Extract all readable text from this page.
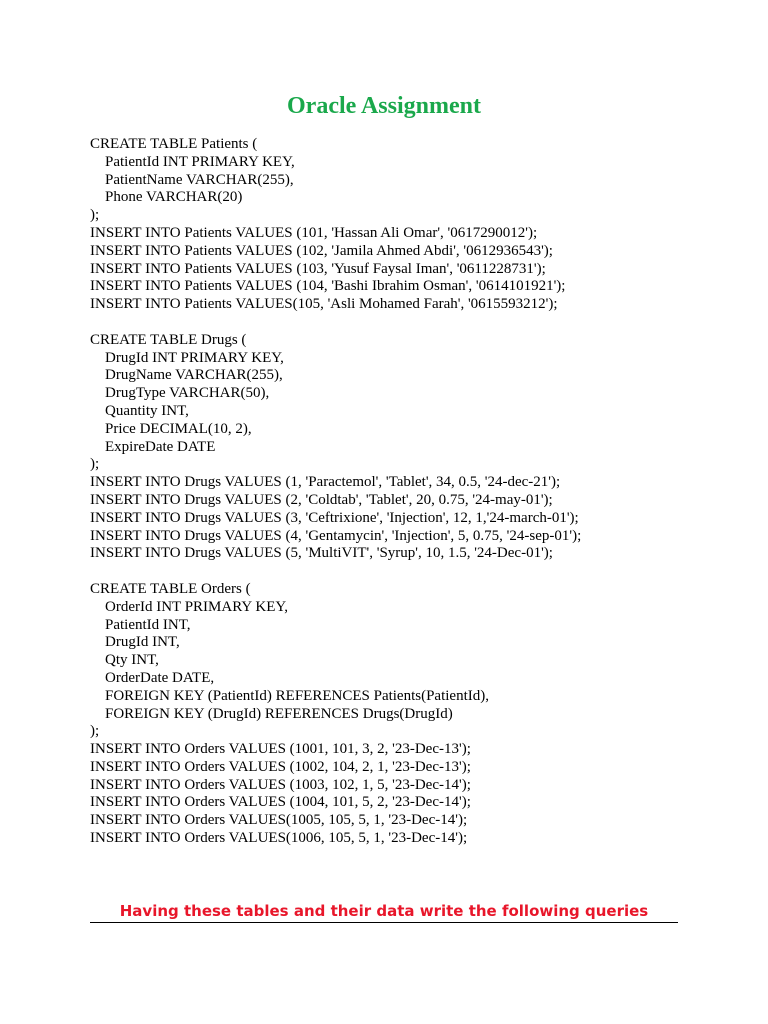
Oracle Assignment
CREATE TABLE Patients (
PatientId INT PRIMARY KEY,
PatientName VARCHAR(255),
Phone VARCHAR(20)
);
INSERT INTO Patients VALUES (101, 'Hassan Ali Omar', '0617290012');
INSERT INTO Patients VALUES (102, 'Jamila Ahmed Abdi', '0612936543');
INSERT INTO Patients VALUES (103, 'Yusuf Faysal Iman', '0611228731');
INSERT INTO Patients VALUES (104, 'Bashi Ibrahim Osman', '0614101921');
INSERT INTO Patients VALUES(105, 'Asli Mohamed Farah', '0615593212');
CREATE TABLE Drugs (
DrugId INT PRIMARY KEY,
DrugName VARCHAR(255),
DrugType VARCHAR(50),
Quantity INT,
Price DECIMAL(10, 2),
ExpireDate DATE
);
INSERT INTO Drugs VALUES (1, 'Paractemol', 'Tablet', 34, 0.5, '24-dec-21');
INSERT INTO Drugs VALUES (2, 'Coldtab', 'Tablet', 20, 0.75, '24-may-01');
INSERT INTO Drugs VALUES (3, 'Ceftrixione', 'Injection', 12, 1,'24-march-01');
INSERT INTO Drugs VALUES (4, 'Gentamycin', 'Injection', 5, 0.75, '24-sep-01');
INSERT INTO Drugs VALUES (5, 'MultiVIT', 'Syrup', 10, 1.5, '24-Dec-01');
CREATE TABLE Orders (
OrderId INT PRIMARY KEY,
PatientId INT,
DrugId INT,
Qty INT,
OrderDate DATE,
FOREIGN KEY (PatientId) REFERENCES Patients(PatientId),
FOREIGN KEY (DrugId) REFERENCES Drugs(DrugId)
);
INSERT INTO Orders VALUES (1001, 101, 3, 2, '23-Dec-13');
INSERT INTO Orders VALUES (1002, 104, 2, 1, '23-Dec-13');
INSERT INTO Orders VALUES (1003, 102, 1, 5, '23-Dec-14');
INSERT INTO Orders VALUES (1004, 101, 5, 2, '23-Dec-14');
INSERT INTO Orders VALUES(1005, 105, 5, 1, '23-Dec-14');
INSERT INTO Orders VALUES(1006, 105, 5, 1, '23-Dec-14');
Having these tables and their data write the following queries
